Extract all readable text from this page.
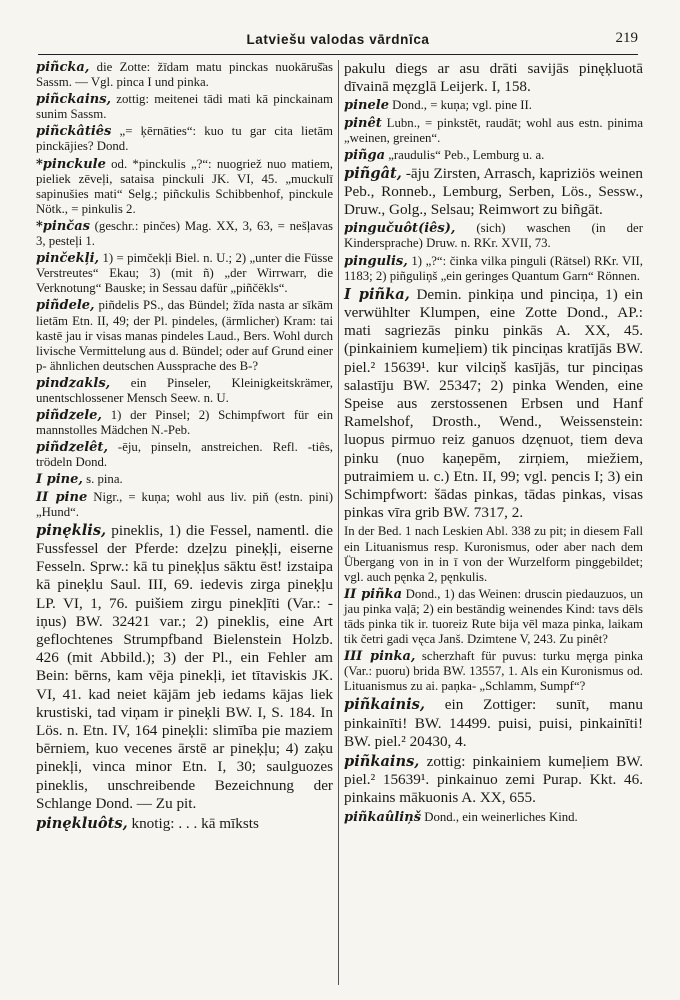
Latviešu valodas vārdnīca	219
piñcka, die Zotte: žīdam matu pinckas nuokāruš̄as Sassm. — Vgl. pinca I und pinka.
piñckains, zottig: meitenei tādi mati kā pinckainam sunim Sassm.
piñckâtiês „= ķērnāties“: kuo tu gar cita lietām pinckājies? Dond.
*pinckule od. *pinckulis „?“: nuogriež nuo matiem, pieliek zēveļi, sataisa pinckuli JK. VI, 45. „muckulī sapinušies mati“ Selg.; piñckulis Schibbenhof, pinckule Nötk., = pinkulis 2.
*pinčas (geschr.: pinčes) Mag. XX, 3, 63, = nešļavas 3, pesteļi 1.
pinčekļi, 1) = pimčekļi Biel. n. U.; 2) „unter die Füsse Verstreutes“ Ekau; 3) (mit ñ) „der Wirrwarr, die Verknotung“ Bauske; in Sessau dafür „piñčēkls“.
piñdele, piñdelis PS., das Bündel; žīda nasta ar sīkām lietām Etn. II, 49; der Pl. pindeles, (ärmlicher) Kram: tai kastē jau ir visas manas pindeles Laud., Bers. Wohl durch livische Vermittelung aus d. Bündel; oder auf Grund einer p- ähnlichen deutschen Aussprache des B-?
pindzakls, ein Pinseler, Kleinigkeitskrämer, unentschlossener Mensch Seew. n. U.
piñdzele, 1) der Pinsel; 2) Schimpfwort für ein mannstolles Mädchen N.-Peb.
piñdzelêt, -ēju, pinseln, anstreichen. Refl. -tiês, trödeln Dond.
I pine, s. pina.
II pine Nigr., = kuņa; wohl aus liv. piň (estn. pini) „Hund“.
pinęklis, pineklis, 1) die Fessel, namentl. die Fussfessel der Pferde: dzeļzu pineķļi, eiserne Fesseln. Sprw.: kā tu pineķļus sāktu ēst! izstaipa kā pineķlu Saul. III, 69. iedevis zirga pineķļu LP. VI, 1, 76. puišiem zirgu pinekļīti (Var.: -iņus) BW. 32421 var.; 2) pineklis, eine Art geflochtenes Strumpfband Bielenstein Holzb. 426 (mit Abbild.); 3) der Pl., ein Fehler am Bein: bērns, kam vēja pinekļi, iet tītaviskis JK. VI, 41. kad neiet kājām jeb iedams kājas liek krustiski, tad viņam ir pineķli BW. I, S. 184. In Lös. n. Etn. IV, 164 pineķli: slimība pie maziem bērniem, kuo vecenes ārstē ar pineķļu; 4) zaķu pinekļi, vinca minor Etn. I, 30; saulguozes pineklis, unschreibende Bezeichnung der Schlange Dond. — Zu pit.
pinękluôts, knotig: . . . kā mīksts
pakulu diegs ar asu drāti savijās pinęķluotā dīvainā męzglā Leijerk. I, 158.
pinele Dond., = kuņa; vgl. pine II.
pinêt Lubn., = pinkstēt, raudāt; wohl aus estn. pinima „weinen, greinen“.
piñga „raudulis“ Peb., Lemburg u. a.
piñgât, -āju Zirsten, Arrasch, kapriziös weinen Peb., Ronneb., Lemburg, Serben, Lös., Sessw., Druw., Golg., Selsau; Reimwort zu biñgāt.
pingučuôt(iês), (sich) waschen (in der Kindersprache) Druw. n. RKr. XVII, 73.
pingulis, 1) „?“: činka vilka pinguli (Rätsel) RKr. VII, 1183; 2) piñguliņš „ein geringes Quantum Garn“ Rönnen.
I piñka, Demin. pinkiņa und pinciņa, 1) ein verwühlter Klumpen, eine Zotte Dond., AP.: mati sagriezās pinku pinkās A. XX, 45. (pinkainiem kumeļiem) tik pinciņas kratījās BW. piel.² 15639¹. kur vilciņš kasījās, tur pinciņas salastīju BW. 25347; 2) pinka Wenden, eine Speise aus zerstossenen Erbsen und Hanf Ramelshof, Drosth., Wend., Weissenstein: luopus pirmuo reiz ganuos dzęnuot, tiem deva pinku (nuo kaņepēm, zirņiem, miežiem, putraimiem u. c.) Etn. II, 99; vgl. pencis I; 3) ein Schimpfwort: šādas pinkas, tādas pinkas, visas pinkas vīra grib BW. 7317, 2.
In der Bed. 1 nach Leskien Abl. 338 zu pit; in diesem Fall ein Lituanismus resp. Kuronismus, oder aber nach dem Übergang von in in ī von der Wurzelform pinggebildet; vgl. auch pęnka 2, pęnkulis.
II piñka Dond., 1) das Weinen: druscin piedauzuos, un jau pinka vaļā; 2) ein bestāndig weinendes Kind: tavs dēls tāds pinka tik ir. tuoreiz Rute bija vēl maza pinka, laikam tik četri gadi vęca Janš. Dzimtene V, 243. Zu pinêt?
III pinka, scherzhaft für puvus: turku męrga pinka (Var.: puoru) brida BW. 13557, 1. Als ein Kuronismus od. Lituanismus zu ai. paņka- „Schlamm, Sumpf“?
piñkainis, ein Zottiger: sunīt, manu pinkainīti! BW. 14499. puisi, puisi, pinkainīti! BW. piel.² 20430, 4.
piñkains, zottig: pinkainiem kumeļiem BW. piel.² 15639¹. pinkainuo zemi Purap. Kkt. 46. pinkains mākuonis A. XX, 655.
piñkaûliņš Dond., ein weinerliches Kind.
